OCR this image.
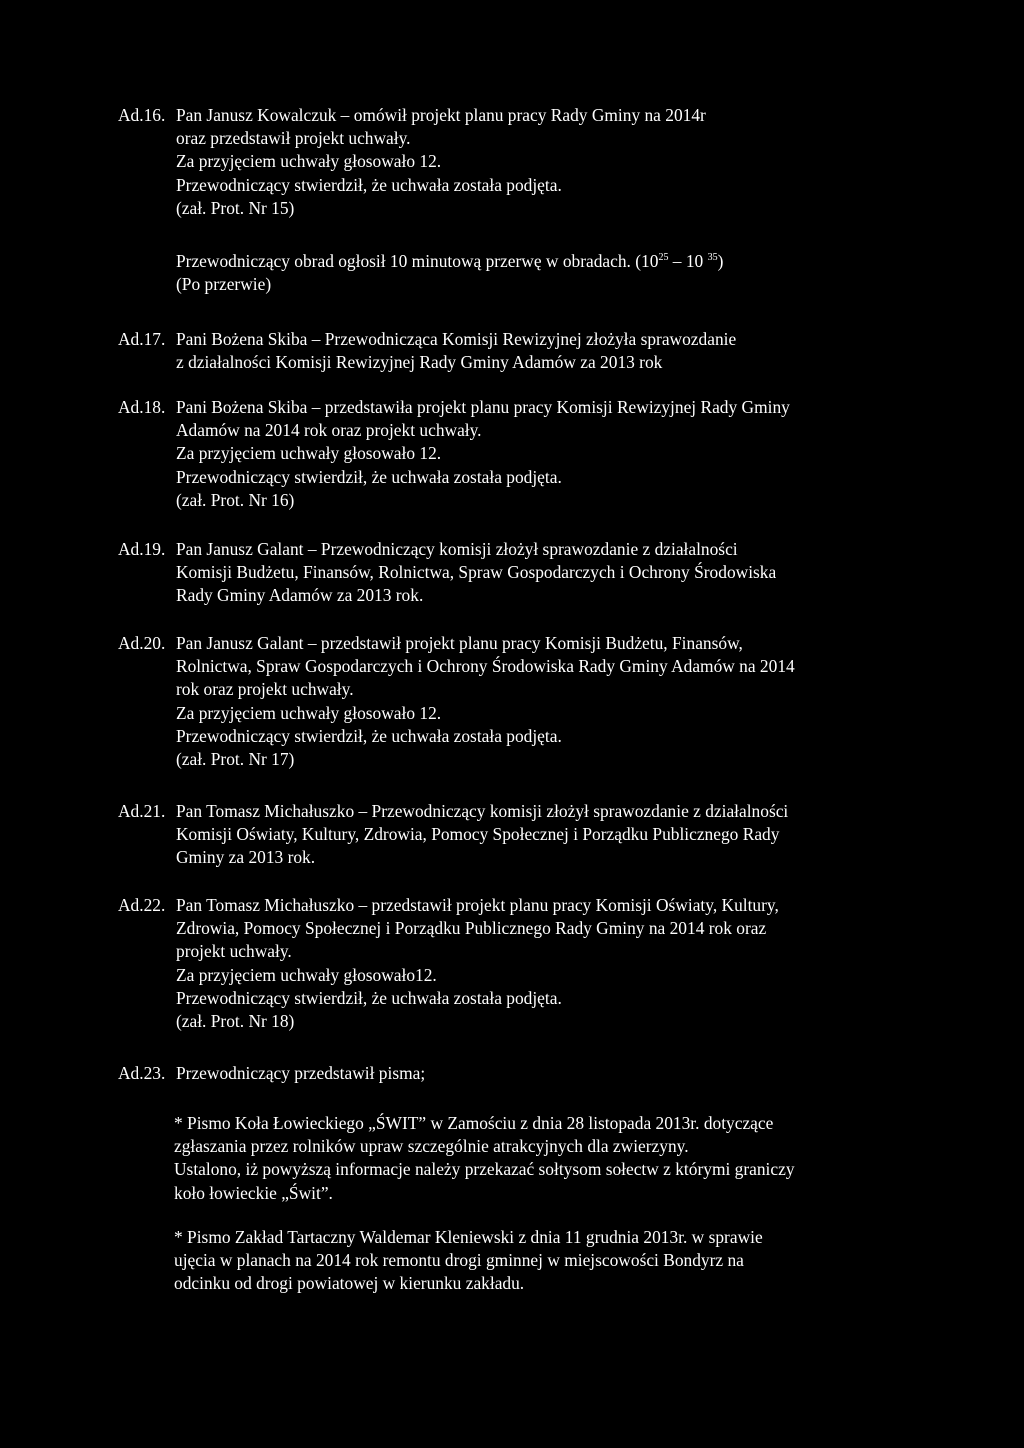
Ad.16. Pan Janusz Kowalczuk – omówił projekt planu pracy Rady Gminy na 2014r
oraz przedstawił projekt uchwały.
Za przyjęciem uchwały głosowało 12.
Przewodniczący stwierdził, że uchwała została podjęta.
(zał. Prot. Nr 15)
Przewodniczący obrad ogłosił 10 minutową przerwę w obradach. ($10^{25} - 10$ $^{35}$)
(Po przerwie)
Ad.17. Pani Bożena Skiba – Przewodnicząca Komisji Rewizyjnej złożyła sprawozdanie
z działalności Komisji Rewizyjnej Rady Gminy Adamów za 2013 rok
Ad.18. Pani Bożena Skiba – przedstawiła projekt planu pracy Komisji Rewizyjnej Rady Gminy
Adamów na 2014 rok oraz projekt uchwały.
Za przyjęciem uchwały głosowało 12.
Przewodniczący stwierdził, że uchwała została podjęta.
(zał. Prot. Nr 16)
Ad.19. Pan Janusz Galant – Przewodniczący komisji złożył sprawozdanie z działalności
Komisji Budżetu, Finansów, Rolnictwa, Spraw Gospodarczych i Ochrony Środowiska
Rady Gminy Adamów za 2013 rok.
Ad.20. Pan Janusz Galant – przedstawił projekt planu pracy Komisji Budżetu, Finansów,
Rolnictwa, Spraw Gospodarczych i Ochrony Środowiska Rady Gminy Adamów na 2014
rok oraz projekt uchwały.
Za przyjęciem uchwały głosowało 12.
Przewodniczący stwierdził, że uchwała została podjęta.
(zał. Prot. Nr 17)
Ad.21. Pan Tomasz Michałuszko – Przewodniczący komisji złożył sprawozdanie z działalności
Komisji Oświaty, Kultury, Zdrowia, Pomocy Społecznej i Porządku Publicznego Rady
Gminy za 2013 rok.
Ad.22. Pan Tomasz Michałuszko – przedstawił projekt planu pracy Komisji Oświaty, Kultury,
Zdrowia, Pomocy Społecznej i Porządku Publicznego Rady Gminy na 2014 rok oraz
projekt uchwały.
Za przyjęciem uchwały głosowało12.
Przewodniczący stwierdził, że uchwała została podjęta.
(zał. Prot. Nr 18)
Ad.23. Przewodniczący przedstawił pisma;
* Pismo Koła Łowieckiego „ŚWIT” w Zamościu z dnia 28 listopada 2013r. dotyczące
zgłaszania przez rolników upraw szczególnie atrakcyjnych dla zwierzyny.
Ustalono, iż powyższą informacje należy przekazać sołtysom sołectw z którymi graniczy
koło łowieckie „Świt”.
* Pismo Zakład Tartaczny Waldemar Kleniewski z dnia 11 grudnia 2013r. w sprawie
ujęcia w planach na 2014 rok remontu drogi gminnej w miejscowości Bondyrz na
odcinku od drogi powiatowej w kierunku zakładu.
